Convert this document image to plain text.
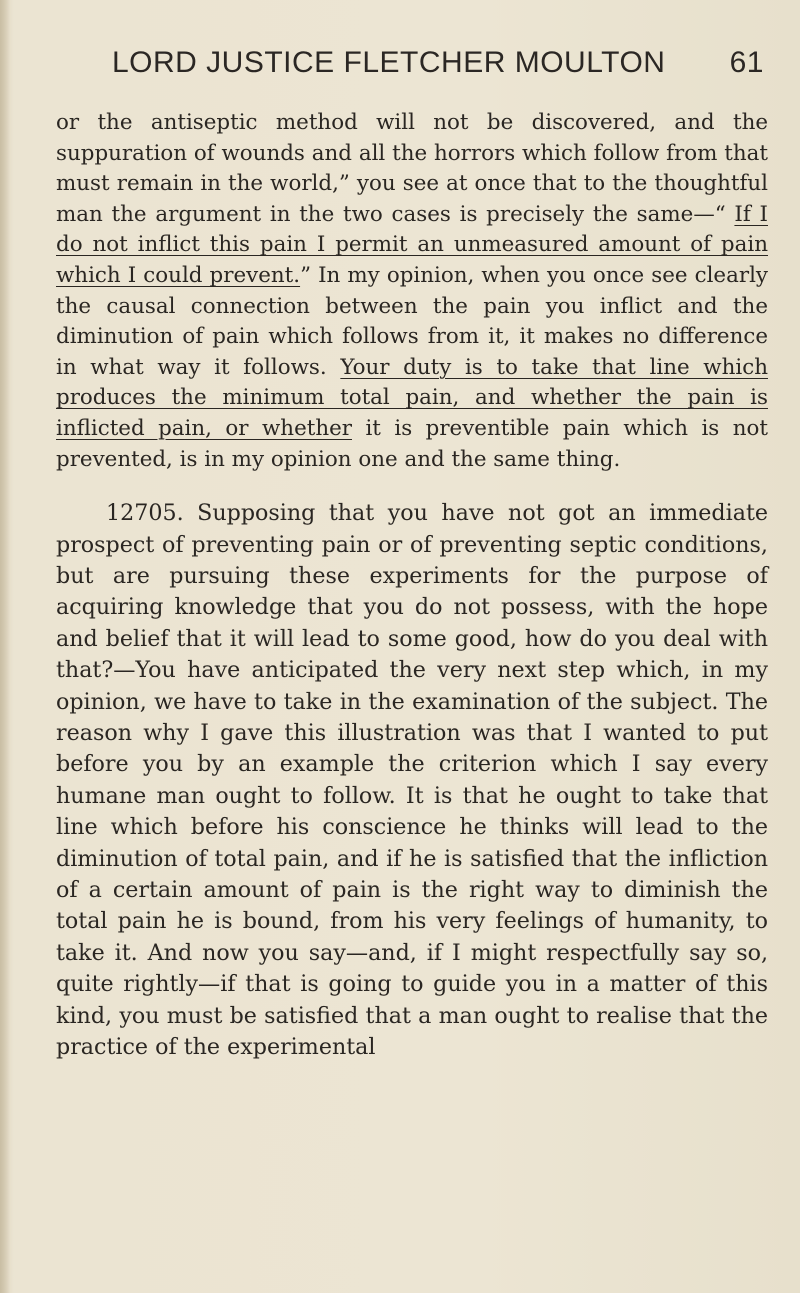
LORD JUSTICE FLETCHER MOULTON 61

or the antiseptic method will not be discovered, and the suppuration of wounds and all the horrors which follow from that must remain in the world,” you see at once that to the thoughtful man the argument in the two cases is precisely the same—“ If I do not inflict this pain I permit an unmeasured amount of pain which I could prevent.” In my opinion, when you once see clearly the causal connection between the pain you inflict and the diminution of pain which follows from it, it makes no difference in what way it follows. Your duty is to take that line which produces the minimum total pain, and whether the pain is inflicted pain, or whether it is preventible pain which is not prevented, is in my opinion one and the same thing.

12705. Supposing that you have not got an immediate prospect of preventing pain or of preventing septic conditions, but are pursuing these experiments for the purpose of acquiring knowledge that you do not possess, with the hope and belief that it will lead to some good, how do you deal with that?—You have anticipated the very next step which, in my opinion, we have to take in the examination of the subject. The reason why I gave this illustration was that I wanted to put before you by an example the criterion which I say every humane man ought to follow. It is that he ought to take that line which before his conscience he thinks will lead to the diminution of total pain, and if he is satisfied that the infliction of a certain amount of pain is the right way to diminish the total pain he is bound, from his very feelings of humanity, to take it. And now you say—and, if I might respectfully say so, quite rightly—if that is going to guide you in a matter of this kind, you must be satisfied that a man ought to realise that the practice of the experimental
